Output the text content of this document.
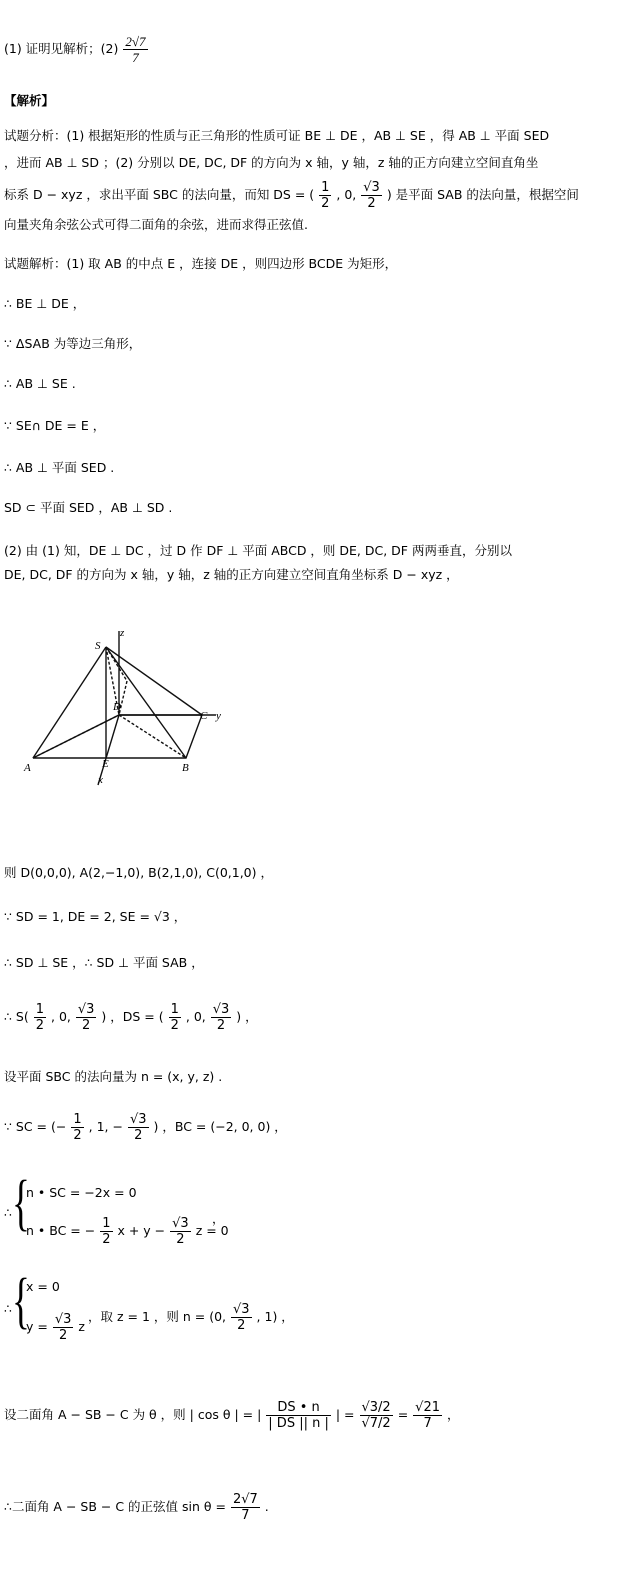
(1) 证明见解析；$(2) \frac{2√7}{7}$
【解析】
试题分析：(1) 根据矩形的性质与正三角形的性质可证 BE ⊥ DE ，AB ⊥ SE ，得 AB ⊥ 平面 SED
，进而 AB ⊥ SD ；(2) 分别以 DE, DC, DF 的方向为 x 轴，y 轴，z 轴的正方向建立空间直角坐
标系 D − xyz ，求出平面 SBC 的法向量，而知 DS = ( $\frac{1}{2}$ , 0, $\frac{√3}{2}$ ) 是平面 SAB 的法向量，根据空间
向量夹角余弦公式可得二面角的余弦，进而求得正弦值.
试题解析：(1) 取 AB 的中点 E ，连接 DE ，则四边形 BCDE 为矩形，
∴ BE ⊥ DE ，
∵ ΔSAB 为等边三角形，
∴ AB ⊥ SE .
∵ SE∩ DE = E ，
∴ AB ⊥ 平面 SED .
SD ⊂ 平面 SED ，AB ⊥ SD .
(2) 由 (1) 知，DE ⊥ DC ，过 D 作 DF ⊥ 平面 ABCD ，则 DE, DC, DF 两两垂直，分别以
DE, DC, DF 的方向为 x 轴，y 轴，z 轴的正方向建立空间直角坐标系 D − xyz ，
z
S
D
C y
A	B
E
x
则 D(0,0,0), A(2,−1,0), B(2,1,0), C(0,1,0) ，
∵ SD = 1, DE = 2, SE = √3 ，
∴ SD ⊥ SE ，∴ SD ⊥ 平面 SAB ，
∴ $S( \frac{1}{2}$ , 0, $\frac{√3}{2}$ ) ，DS = ( $\frac{1}{2}$ , 0, $\frac{√3}{2}$ ) ，
设平面 SBC 的法向量为 n = (x, y, z) .
∵ SC = (− $\frac{1}{2}$ , 1, − $\frac{√3}{2}$ ) ，BC = (−2, 0, 0) ，
∴ {
n • SC = −2x = 0
n • BC = − $\frac{1}{2}$ $x + y - \frac{√3}{2}$ z = 0
，
∴ {
x = 0
$y = \frac{√3}{2}$ z
，取 z = 1 ，则 n = (0, $\frac{√3}{2}$ , 1) ，
设二面角 A − SB − C 为 θ ，则 | cos θ | = | $\frac{DS • n}{| DS || n |}$ | = $\frac{√3/2}{√7/2} = \frac{√21}{7}$ ，
∴二面角 A − SB − C 的正弦值 $\sin \theta = \frac{2√7}{7}$ .
